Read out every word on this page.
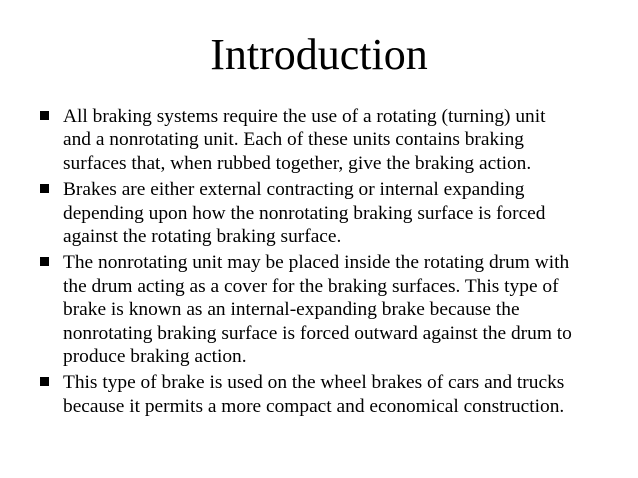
Introduction
All braking systems require the use of a rotating (turning) unit
and a nonrotating unit. Each of these units contains braking
surfaces that, when rubbed together, give the braking action.
Brakes are either external contracting or internal expanding
depending upon how the nonrotating braking surface is forced
against the rotating braking surface.
The nonrotating unit may be placed inside the rotating drum with
the drum acting as a cover for the braking surfaces. This type of
brake is known as an internal-expanding brake because the
nonrotating braking surface is forced outward against the drum to
produce braking action.
This type of brake is used on the wheel brakes of cars and trucks
because it permits a more compact and economical construction.
